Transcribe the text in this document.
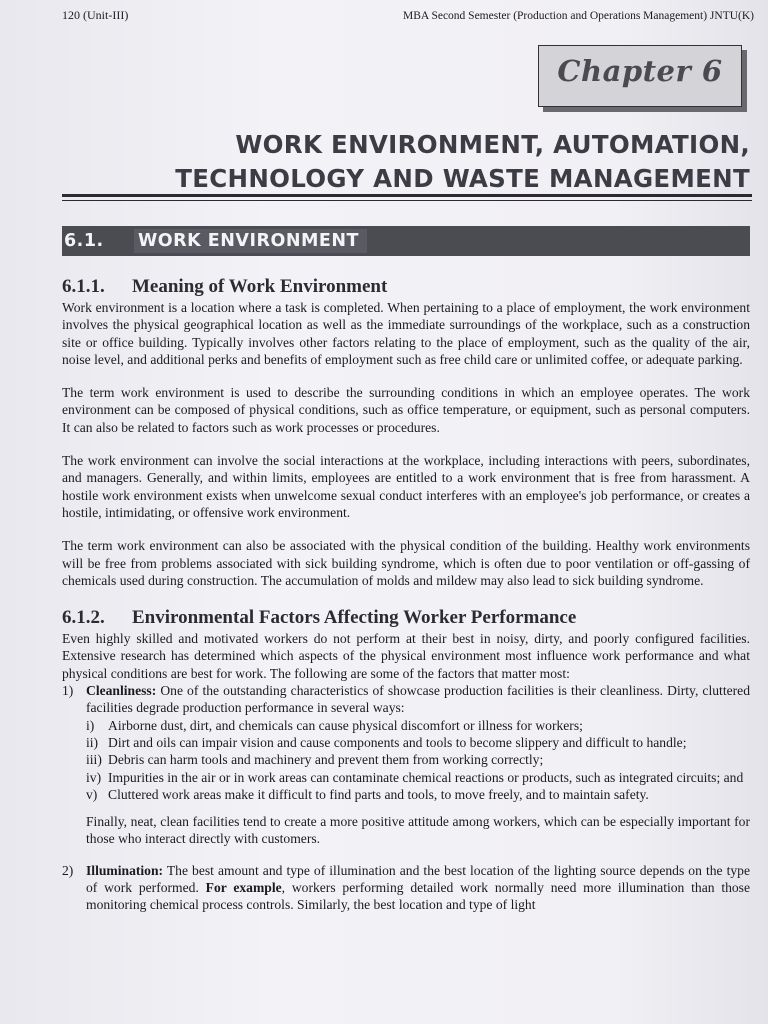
120 (Unit-III)	MBA Second Semester (Production and Operations Management) JNTU(K)
Chapter 6
WORK ENVIRONMENT, AUTOMATION,
TECHNOLOGY AND WASTE MANAGEMENT
6.1.	WORK ENVIRONMENT
6.1.1. Meaning of Work Environment

Work environment is a location where a task is completed. When pertaining to a place of employment, the work environment involves the physical geographical location as well as the immediate surroundings of the workplace, such as a construction site or office building. Typically involves other factors relating to the place of employment, such as the quality of the air, noise level, and additional perks and benefits of employment such as free child care or unlimited coffee, or adequate parking.

The term work environment is used to describe the surrounding conditions in which an employee operates. The work environment can be composed of physical conditions, such as office temperature, or equipment, such as personal computers. It can also be related to factors such as work processes or procedures.

The work environment can involve the social interactions at the workplace, including interactions with peers, subordinates, and managers. Generally, and within limits, employees are entitled to a work environment that is free from harassment. A hostile work environment exists when unwelcome sexual conduct interferes with an employee's job performance, or creates a hostile, intimidating, or offensive work environment.

The term work environment can also be associated with the physical condition of the building. Healthy work environments will be free from problems associated with sick building syndrome, which is often due to poor ventilation or off-gassing of chemicals used during construction. The accumulation of molds and mildew may also lead to sick building syndrome.

6.1.2. Environmental Factors Affecting Worker Performance

Even highly skilled and motivated workers do not perform at their best in noisy, dirty, and poorly configured facilities. Extensive research has determined which aspects of the physical environment most influence work performance and what physical conditions are best for work. The following are some of the factors that matter most:

1) Cleanliness: One of the outstanding characteristics of showcase production facilities is their cleanliness. Dirty, cluttered facilities degrade production performance in several ways:

i)	Airborne dust, dirt, and chemicals can cause physical discomfort or illness for workers;
ii) Dirt and oils can impair vision and cause components and tools to become slippery and difficult to handle;
iii) Debris can harm tools and machinery and prevent them from working correctly;
iv) Impurities in the air or in work areas can contaminate chemical reactions or products, such as integrated circuits; and
v) Cluttered work areas make it difficult to find parts and tools, to move freely, and to maintain safety.

Finally, neat, clean facilities tend to create a more positive attitude among workers, which can be especially important for those who interact directly with customers.

2) Illumination: The best amount and type of illumination and the best location of the lighting source depends on the type of work performed. For example, workers performing detailed work normally need more illumination than those monitoring chemical process controls. Similarly, the best location and type of light
